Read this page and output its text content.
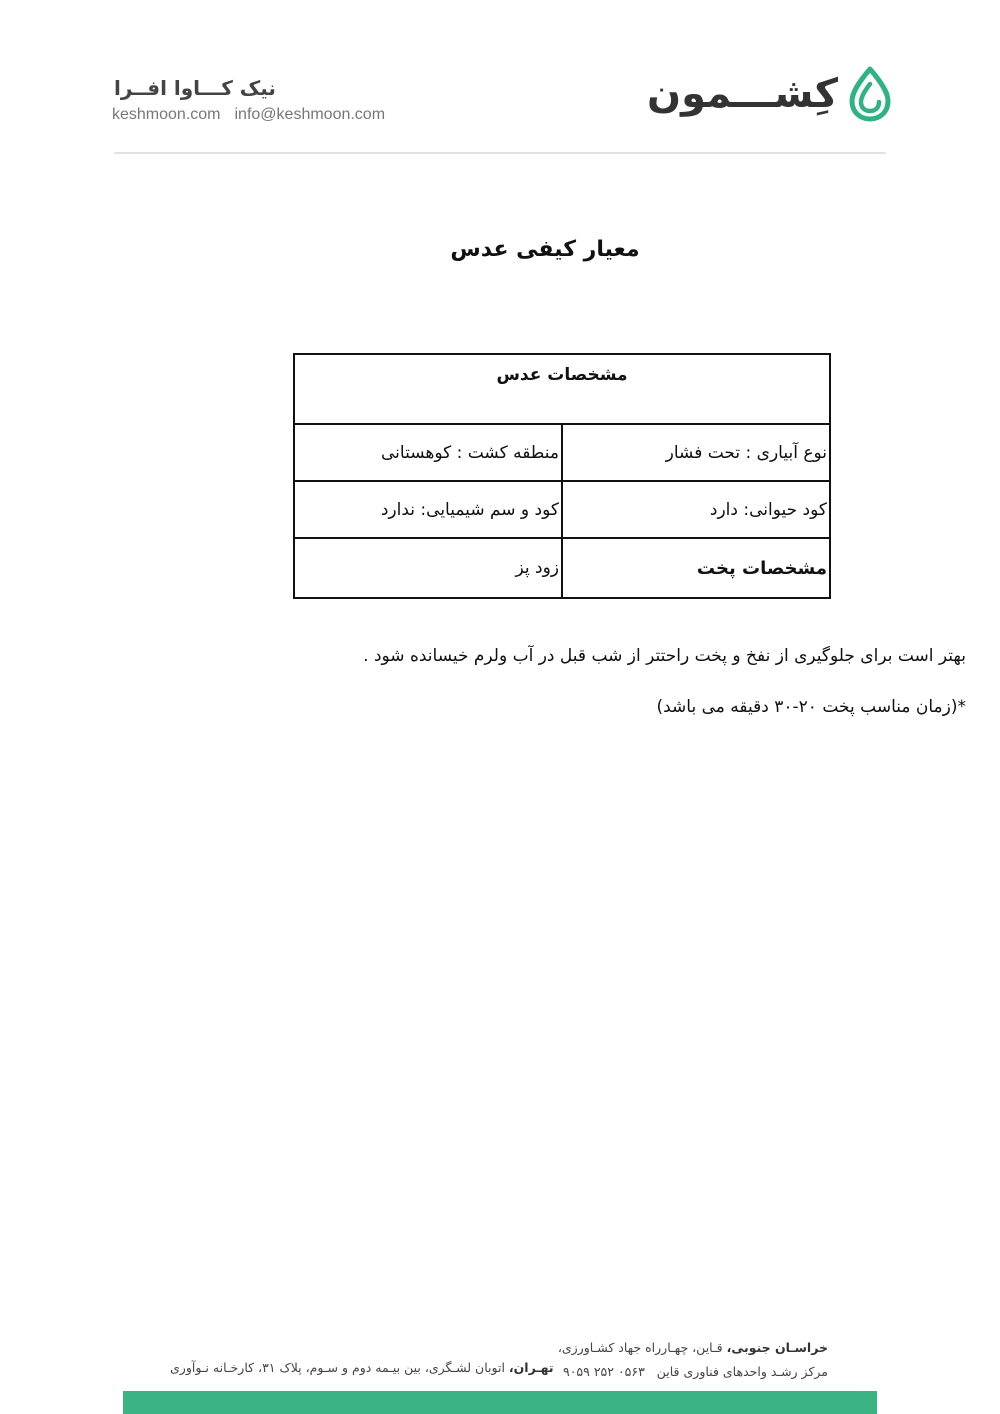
کِشـــمون
نیک کـــاوا افــرا
keshmoon.com info@keshmoon.com
معیار کیفی عدس
مشخصات عدس	
نوع آبیاری : تحت فشار	منطقه کشت : کوهستانی
کود حیوانی: دارد	کود و سم شیمیایی: ندارد
مشخصات پخت	زود پز
بهتر است برای جلوگیری از نفخ و پخت راحتتر از شب قبل در آب ولرم خیسانده شود .
*(زمان مناسب پخت ۲۰-۳۰ دقیقه می باشد)
خراسـان جنوبی، قـاین، چهـارراه جهاد کشـاورزی،
مرکز رشـد واحدهای فناوری قاین   ۰۵۶۳ ۲۵۲ ۹۰۵۹
تهـران، اتوبان لشـگری، بین بیـمه دوم و سـوم، پلاک ۳۱، کارخـانه نـوآوری
